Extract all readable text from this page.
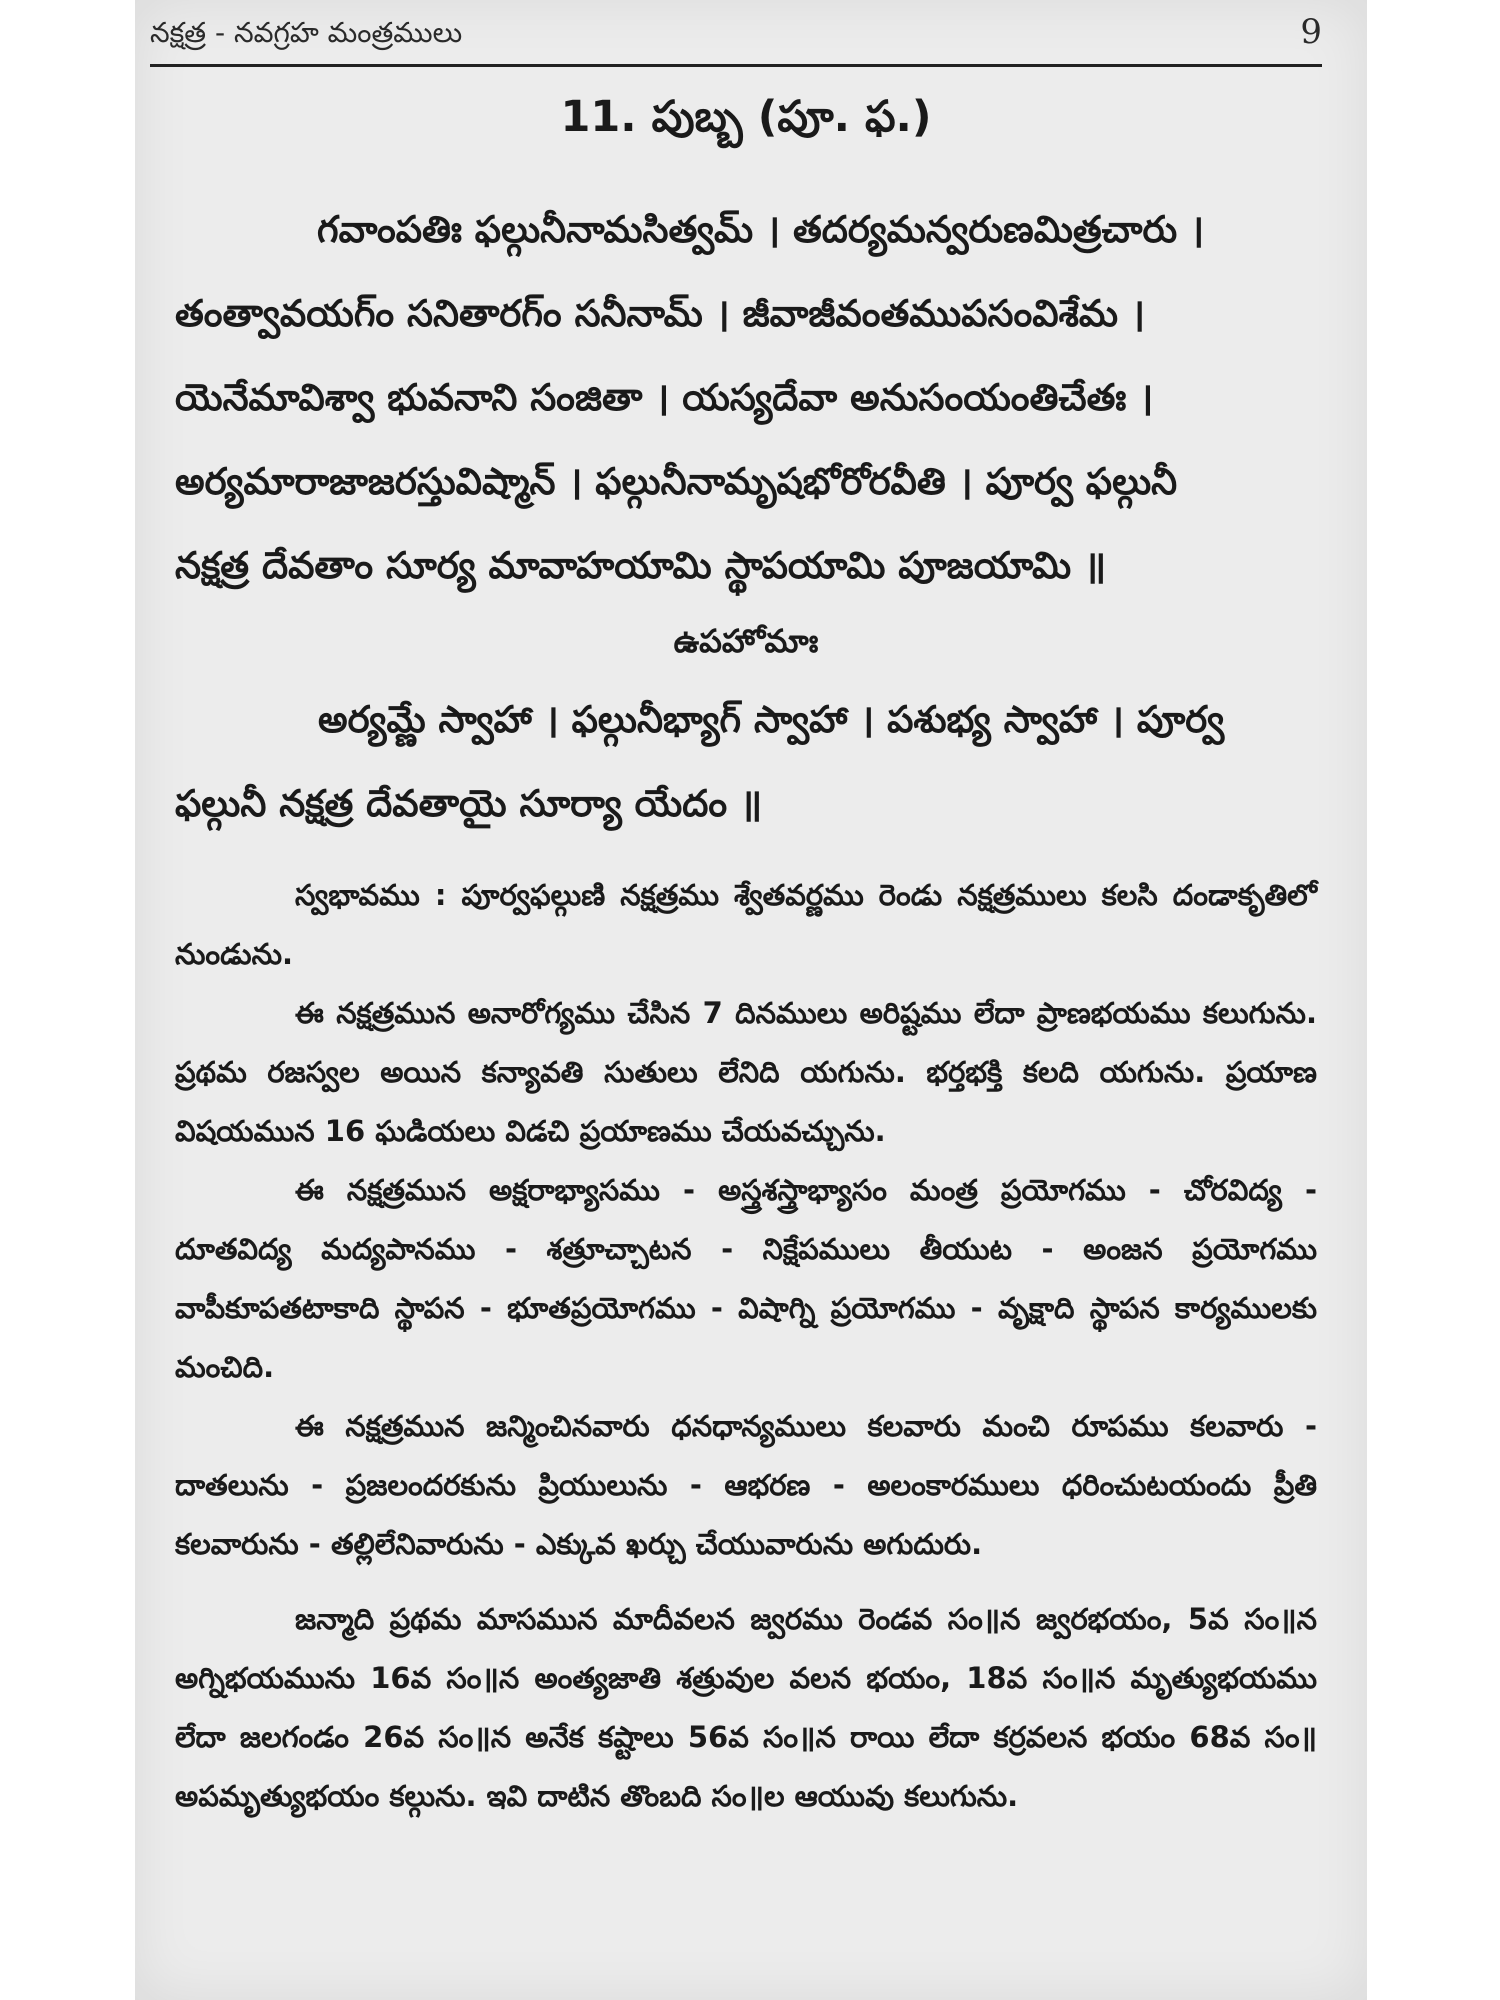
నక్షత్ర - నవగ్రహ మంత్రములు	9
11. పుబ్బ (పూ. ఫ.)

గవాంపతిః ఫల్గునీనామసిత్వమ్ । తదర్యమన్వరుణమిత్రచారు ।

తంత్వావయగ్ం సనితారగ్ం సనీనామ్ । జీవాజీవంతముపసంవిశేమ ।

యెనేమావిశ్వా భువనాని సంజితా । యస్యదేవా అనుసంయంతిచేతః ।

అర్యమారాజాజరస్తువిష్మాన్ । ఫల్గునీనామృషభోరోరవీతి । పూర్వ ఫల్గునీ

నక్షత్ర దేవతాం సూర్య మావాహయామి స్థాపయామి పూజయామి ॥

ఉపహోమాః

అర్యమ్ణే స్వాహా । ఫల్గునీభ్యాగ్ స్వాహా । పశుభ్య స్వాహా । పూర్వ

ఫల్గునీ నక్షత్ర దేవతాయై సూర్యా యేదం ॥

స్వభావము : పూర్వఫల్గుణి నక్షత్రము శ్వేతవర్ణము రెండు నక్షత్రములు కలసి దండాకృతిలో నుండును.

ఈ నక్షత్రమున అనారోగ్యము చేసిన 7 దినములు అరిష్టము లేదా ప్రాణభయము కలుగును. ప్రథమ రజస్వల అయిన కన్యావతి సుతులు లేనిది యగును. భర్తభక్తి కలది యగును. ప్రయాణ విషయమున 16 ఘడియలు విడచి ప్రయాణము చేయవచ్చును.

ఈ నక్షత్రమున అక్షరాభ్యాసము - అస్త్రశస్త్రాభ్యాసం మంత్ర ప్రయోగము - చోరవిద్య - దూతవిద్య మద్యపానము - శత్రూచ్చాటన - నిక్షేపములు తీయుట - అంజన ప్రయోగము వాపీకూపతటాకాది స్థాపన - భూతప్రయోగము - విషాగ్ని ప్రయోగము - వృక్షాది స్థాపన కార్యములకు మంచిది.

ఈ నక్షత్రమున జన్మించినవారు ధనధాన్యములు కలవారు మంచి రూపము కలవారు - దాతలును - ప్రజలందరకును ప్రియులును - ఆభరణ - అలంకారములు ధరించుటయందు ప్రీతి కలవారును - తల్లిలేనివారును - ఎక్కువ ఖర్చు చేయువారును అగుదురు.

జన్మాది ప్రథమ మాసమున మాదీవలన జ్వరము రెండవ సం॥న జ్వరభయం, 5వ సం॥న అగ్నిభయమును 16వ సం॥న అంత్యజాతి శత్రువుల వలన భయం, 18వ సం॥న మృత్యుభయము లేదా జలగండం 26వ సం॥న అనేక కష్టాలు 56వ సం॥న రాయి లేదా కర్రవలన భయం 68వ సం॥ అపమృత్యుభయం కల్గును. ఇవి దాటిన తొంబది సం॥ల ఆయువు కలుగును.
